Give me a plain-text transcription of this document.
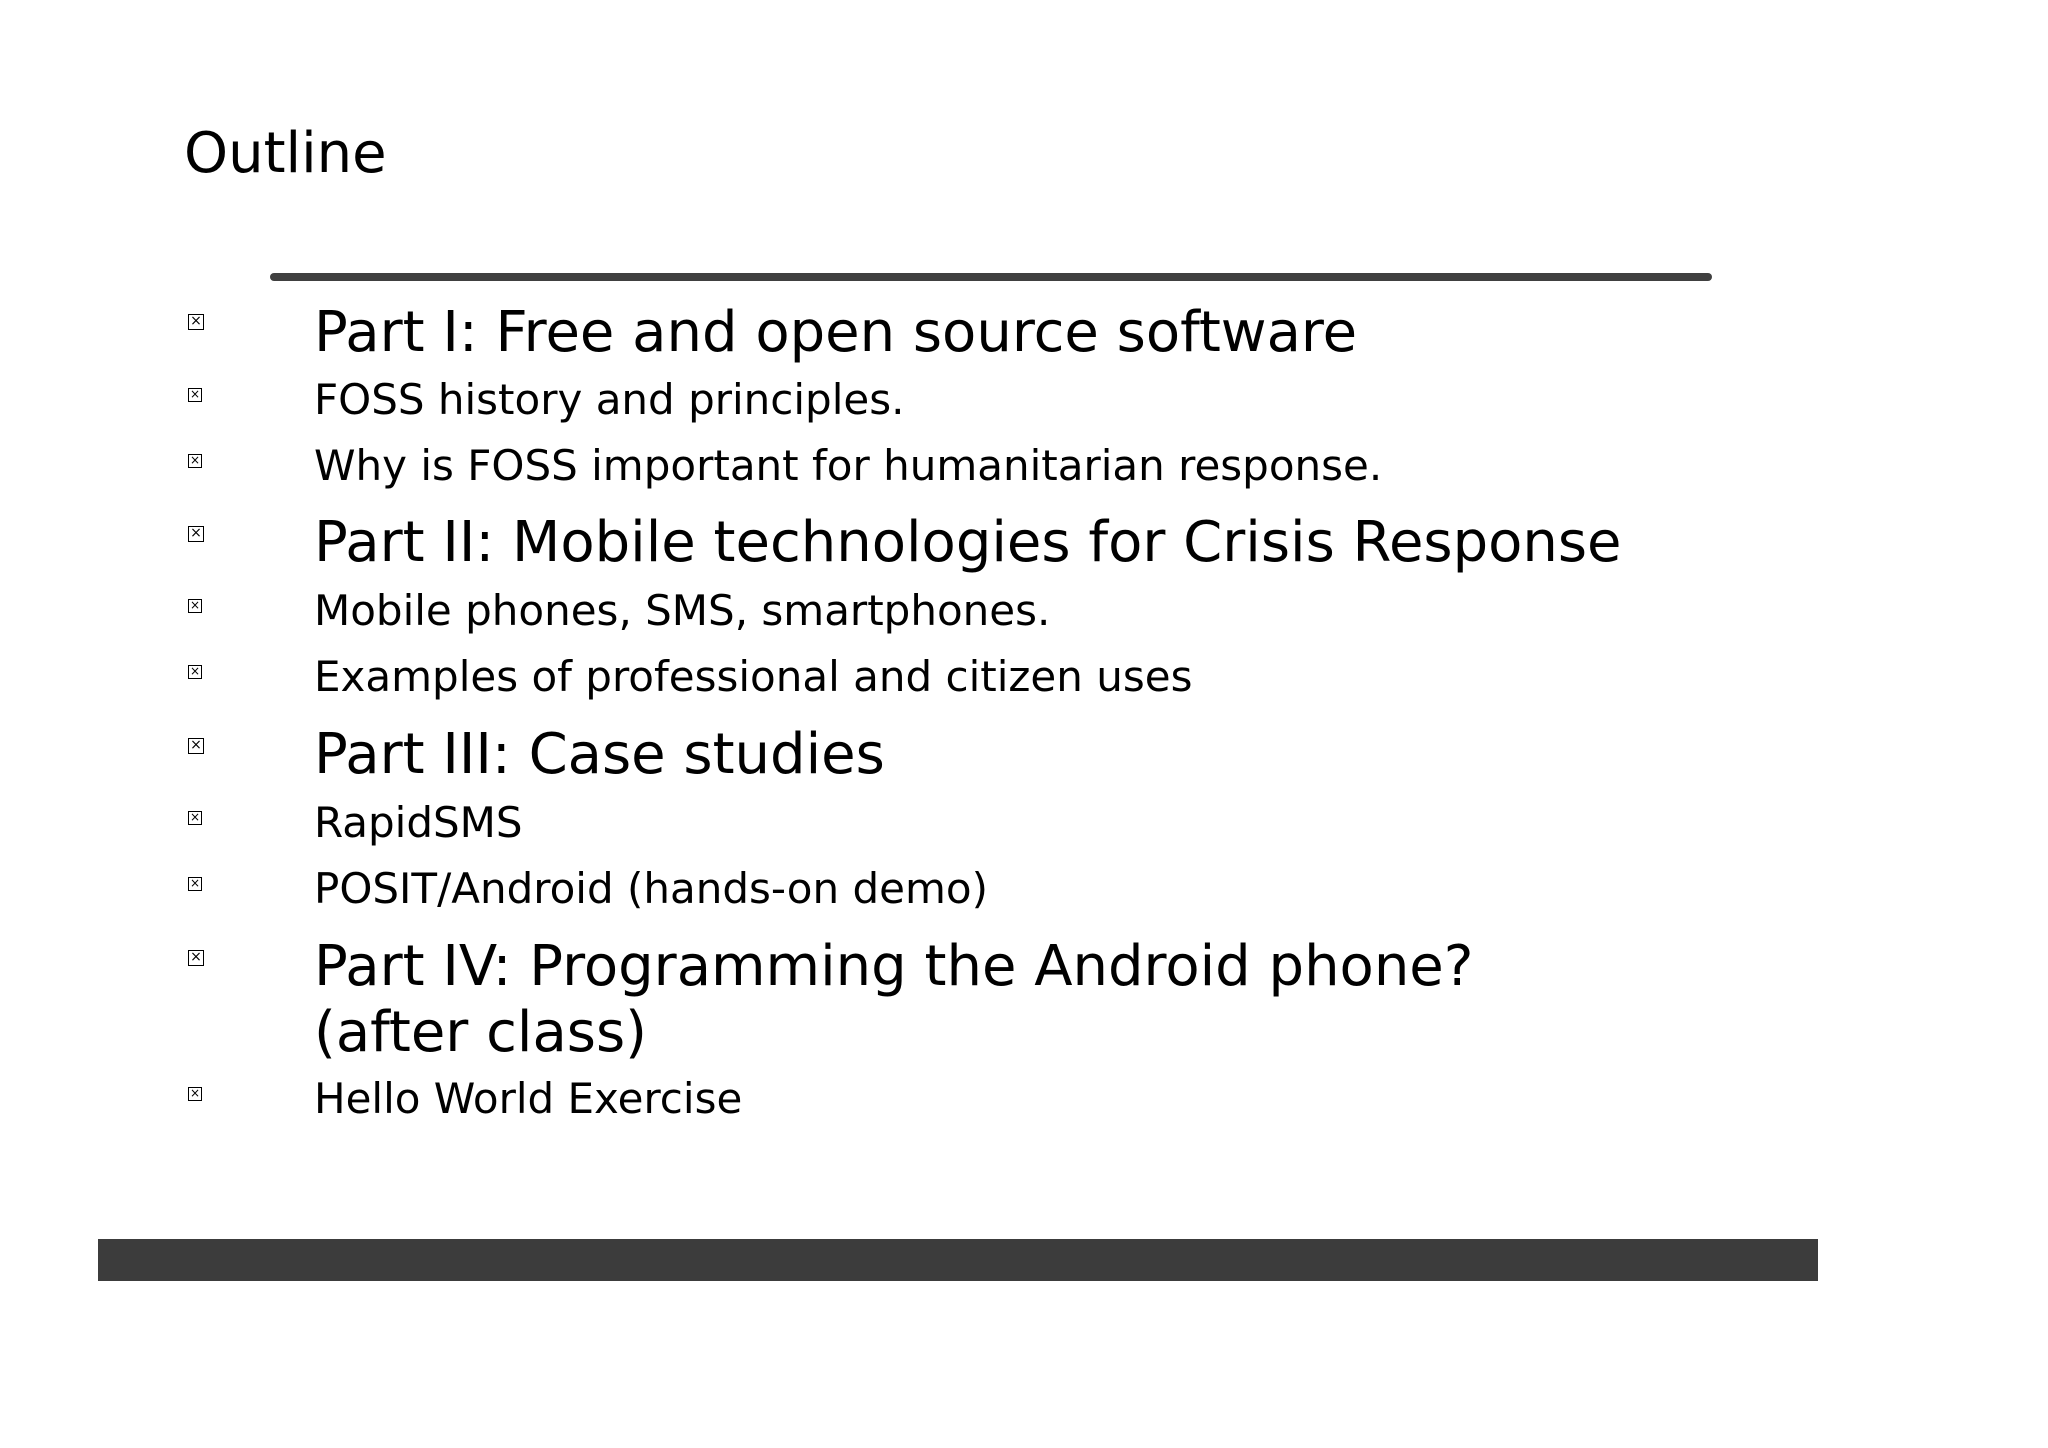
Outline
× Part I: Free and open source software
×	FOSS history and principles.
×	Why is FOSS important for humanitarian response.
× Part II: Mobile technologies for Crisis Response
×	Mobile phones, SMS, smartphones.
×	Examples of professional and citizen uses
× Part III: Case studies
×	RapidSMS
×	POSIT/Android (hands-on demo)
× Part IV: Programming the Android phone? (after class)
×	Hello World Exercise
